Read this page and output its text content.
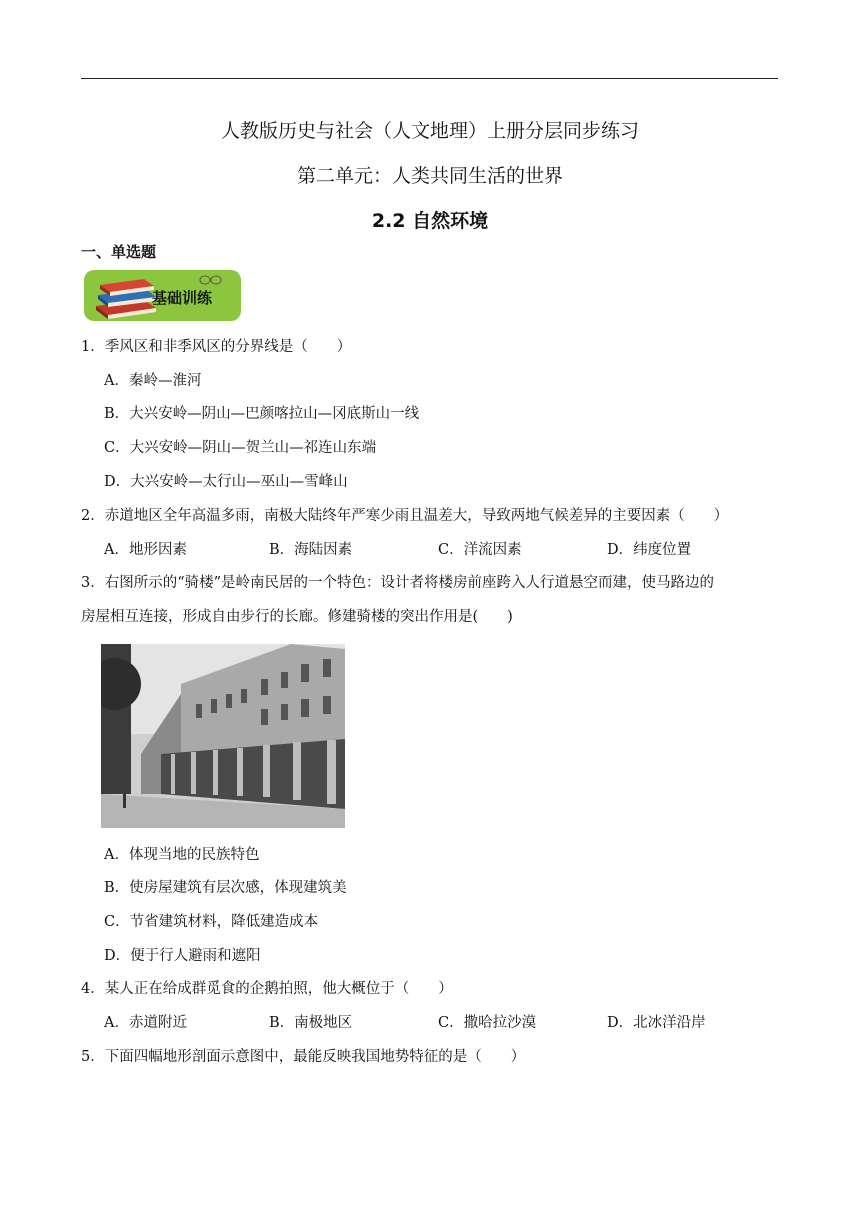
人教版历史与社会（人文地理）上册分层同步练习
第二单元：人类共同生活的世界
2.2 自然环境
一、单选题
基础训练
1．季风区和非季风区的分界线是（　　）
A．秦岭—淮河
B．大兴安岭—阴山—巴颜喀拉山—冈底斯山一线
C．大兴安岭—阴山—贺兰山—祁连山东端
D．大兴安岭—太行山—巫山—雪峰山
2．赤道地区全年高温多雨，南极大陆终年严寒少雨且温差大，导致两地气候差异的主要因素（　　）
A．地形因素	B．海陆因素	C．洋流因素	D．纬度位置
3．右图所示的“骑楼”是岭南民居的一个特色：设计者将楼房前座跨入人行道悬空而建，使马路边的
房屋相互连接，形成自由步行的长廊。修建骑楼的突出作用是(　　)
A．体现当地的民族特色
B．使房屋建筑有层次感，体现建筑美
C．节省建筑材料，降低建造成本
D．便于行人避雨和遮阳
4．某人正在给成群觅食的企鹅拍照，他大概位于（　　）
A．赤道附近	B．南极地区	C．撒哈拉沙漠	D．北冰洋沿岸
5．下面四幅地形剖面示意图中，最能反映我国地势特征的是（　　）
